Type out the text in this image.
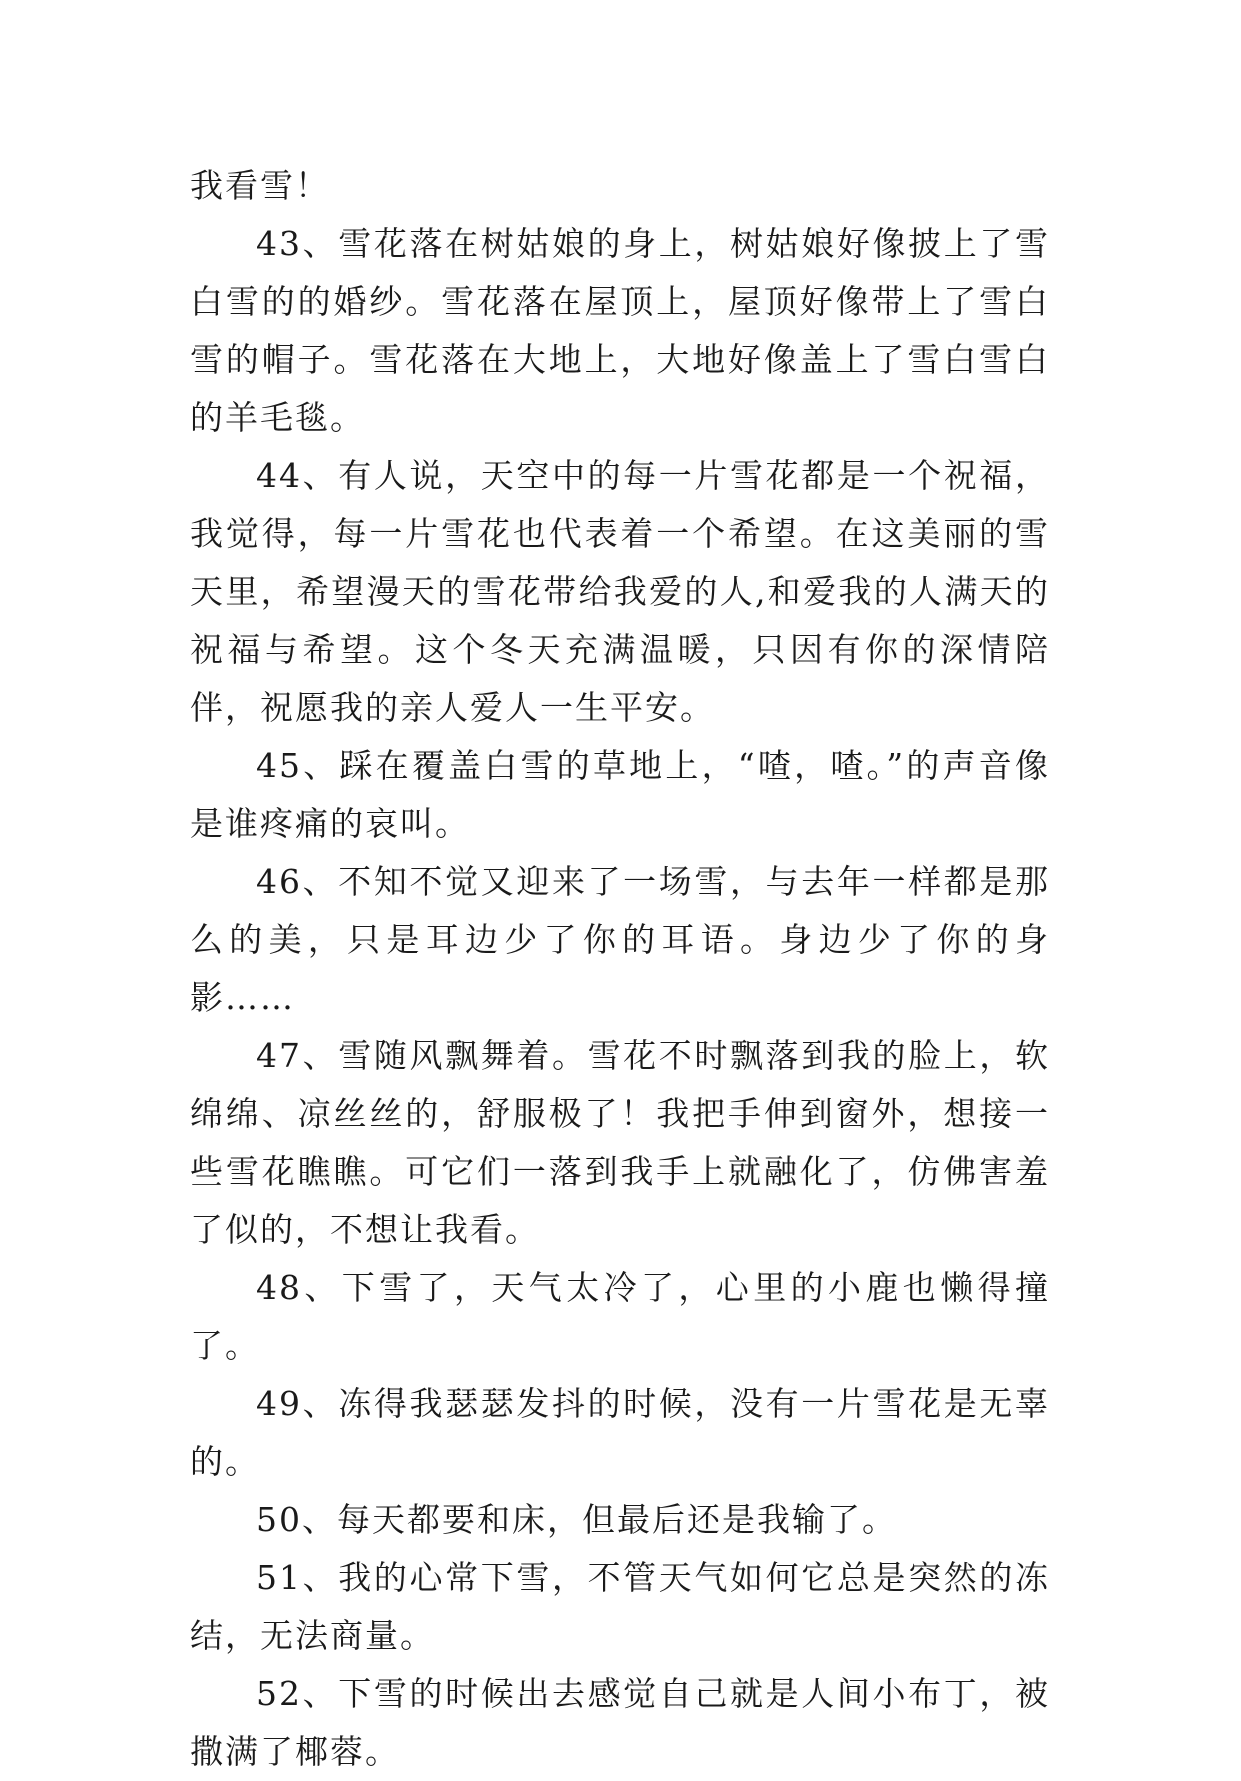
我看雪！

43、雪花落在树姑娘的身上，树姑娘好像披上了雪白雪的的婚纱。雪花落在屋顶上，屋顶好像带上了雪白雪的帽子。雪花落在大地上，大地好像盖上了雪白雪白的羊毛毯。

44、有人说，天空中的每一片雪花都是一个祝福，我觉得，每一片雪花也代表着一个希望。在这美丽的雪天里，希望漫天的雪花带给我爱的人,和爱我的人满天的祝福与希望。这个冬天充满温暖，只因有你的深情陪伴，祝愿我的亲人爱人一生平安。

45、踩在覆盖白雪的草地上，“喳，喳。”的声音像是谁疼痛的哀叫。

46、不知不觉又迎来了一场雪，与去年一样都是那么的美，只是耳边少了你的耳语。身边少了你的身影……

47、雪随风飘舞着。雪花不时飘落到我的脸上，软绵绵、凉丝丝的，舒服极了！我把手伸到窗外，想接一些雪花瞧瞧。可它们一落到我手上就融化了，仿佛害羞了似的，不想让我看。

48、下雪了，天气太冷了，心里的小鹿也懒得撞了。

49、冻得我瑟瑟发抖的时候，没有一片雪花是无辜的。

50、每天都要和床，但最后还是我输了。

51、我的心常下雪，不管天气如何它总是突然的冻结，无法商量。

52、下雪的时候出去感觉自己就是人间小布丁，被撒满了椰蓉。
